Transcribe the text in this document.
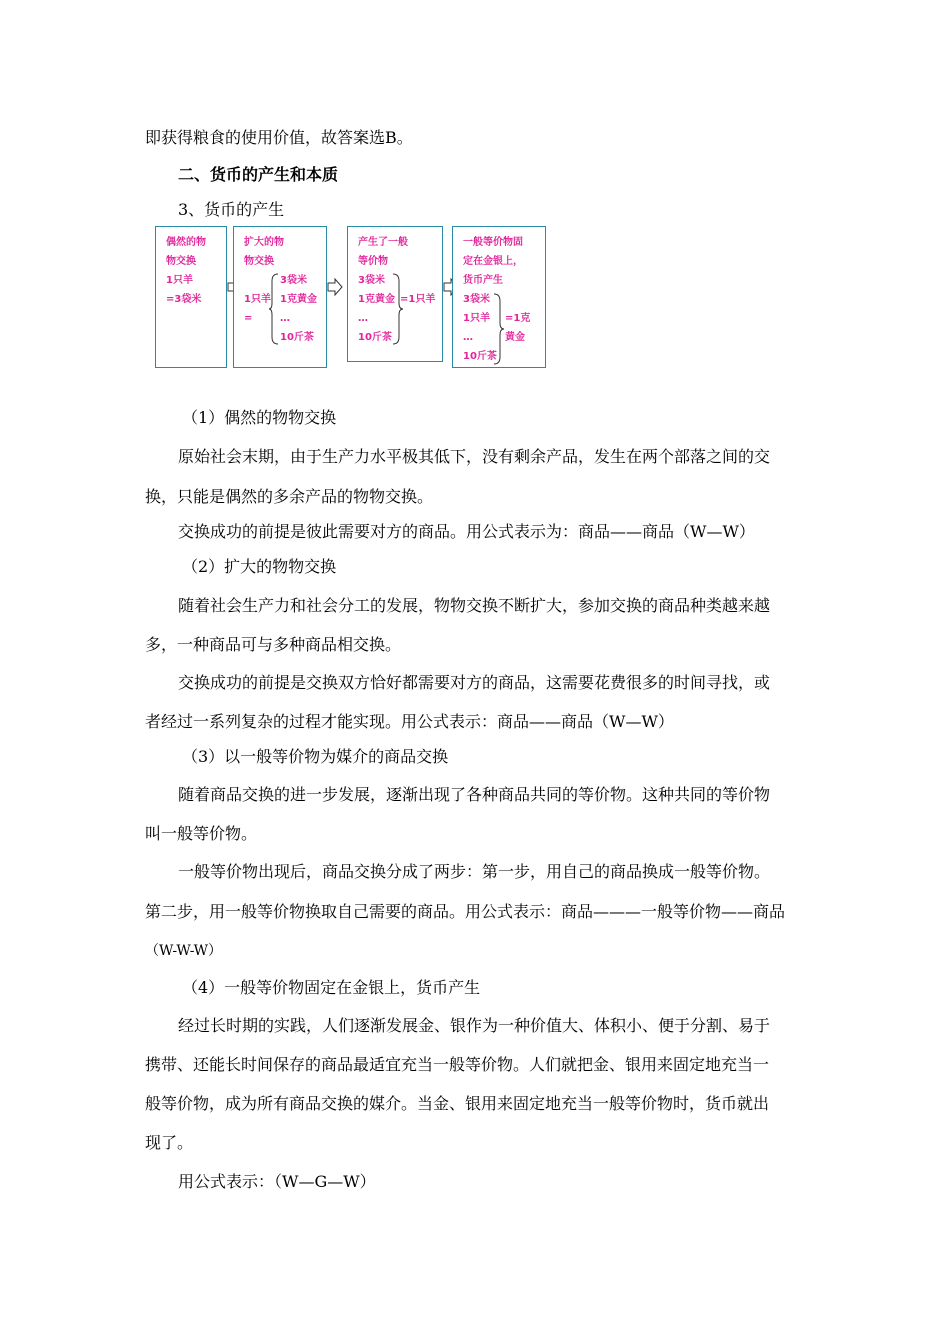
即获得粮食的使用价值，故答案选B。
二、货币的产生和本质
3、货币的产生
偶然的物
物交换
1只羊
=3袋米
扩大的物
物交换
3袋米
1只羊 1克黄金
=	…
10斤茶
产生了一般
等价物
3袋米
1克黄金 =1只羊
…
10斤茶
一般等价物固
定在金银上，
货币产生
3袋米
1只羊 =1克
…	黄金
10斤茶
（1）偶然的物物交换
原始社会末期，由于生产力水平极其低下，没有剩余产品，发生在两个部落之间的交
换，只能是偶然的多余产品的物物交换。
交换成功的前提是彼此需要对方的商品。用公式表示为：商品——商品（W—W）
（2）扩大的物物交换
随着社会生产力和社会分工的发展，物物交换不断扩大，参加交换的商品种类越来越
多，一种商品可与多种商品相交换。
交换成功的前提是交换双方恰好都需要对方的商品，这需要花费很多的时间寻找，或
者经过一系列复杂的过程才能实现。用公式表示：商品——商品（W—W）
（3）以一般等价物为媒介的商品交换
随着商品交换的进一步发展，逐渐出现了各种商品共同的等价物。这种共同的等价物
叫一般等价物。
一般等价物出现后，商品交换分成了两步：第一步，用自己的商品换成一般等价物。
第二步，用一般等价物换取自己需要的商品。用公式表示：商品———一般等价物——商品
（W-W-W）
（4）一般等价物固定在金银上，货币产生
经过长时期的实践，人们逐渐发展金、银作为一种价值大、体积小、便于分割、易于
携带、还能长时间保存的商品最适宜充当一般等价物。人们就把金、银用来固定地充当一
般等价物，成为所有商品交换的媒介。当金、银用来固定地充当一般等价物时，货币就出
现了。
用公式表示：（W—G—W）
